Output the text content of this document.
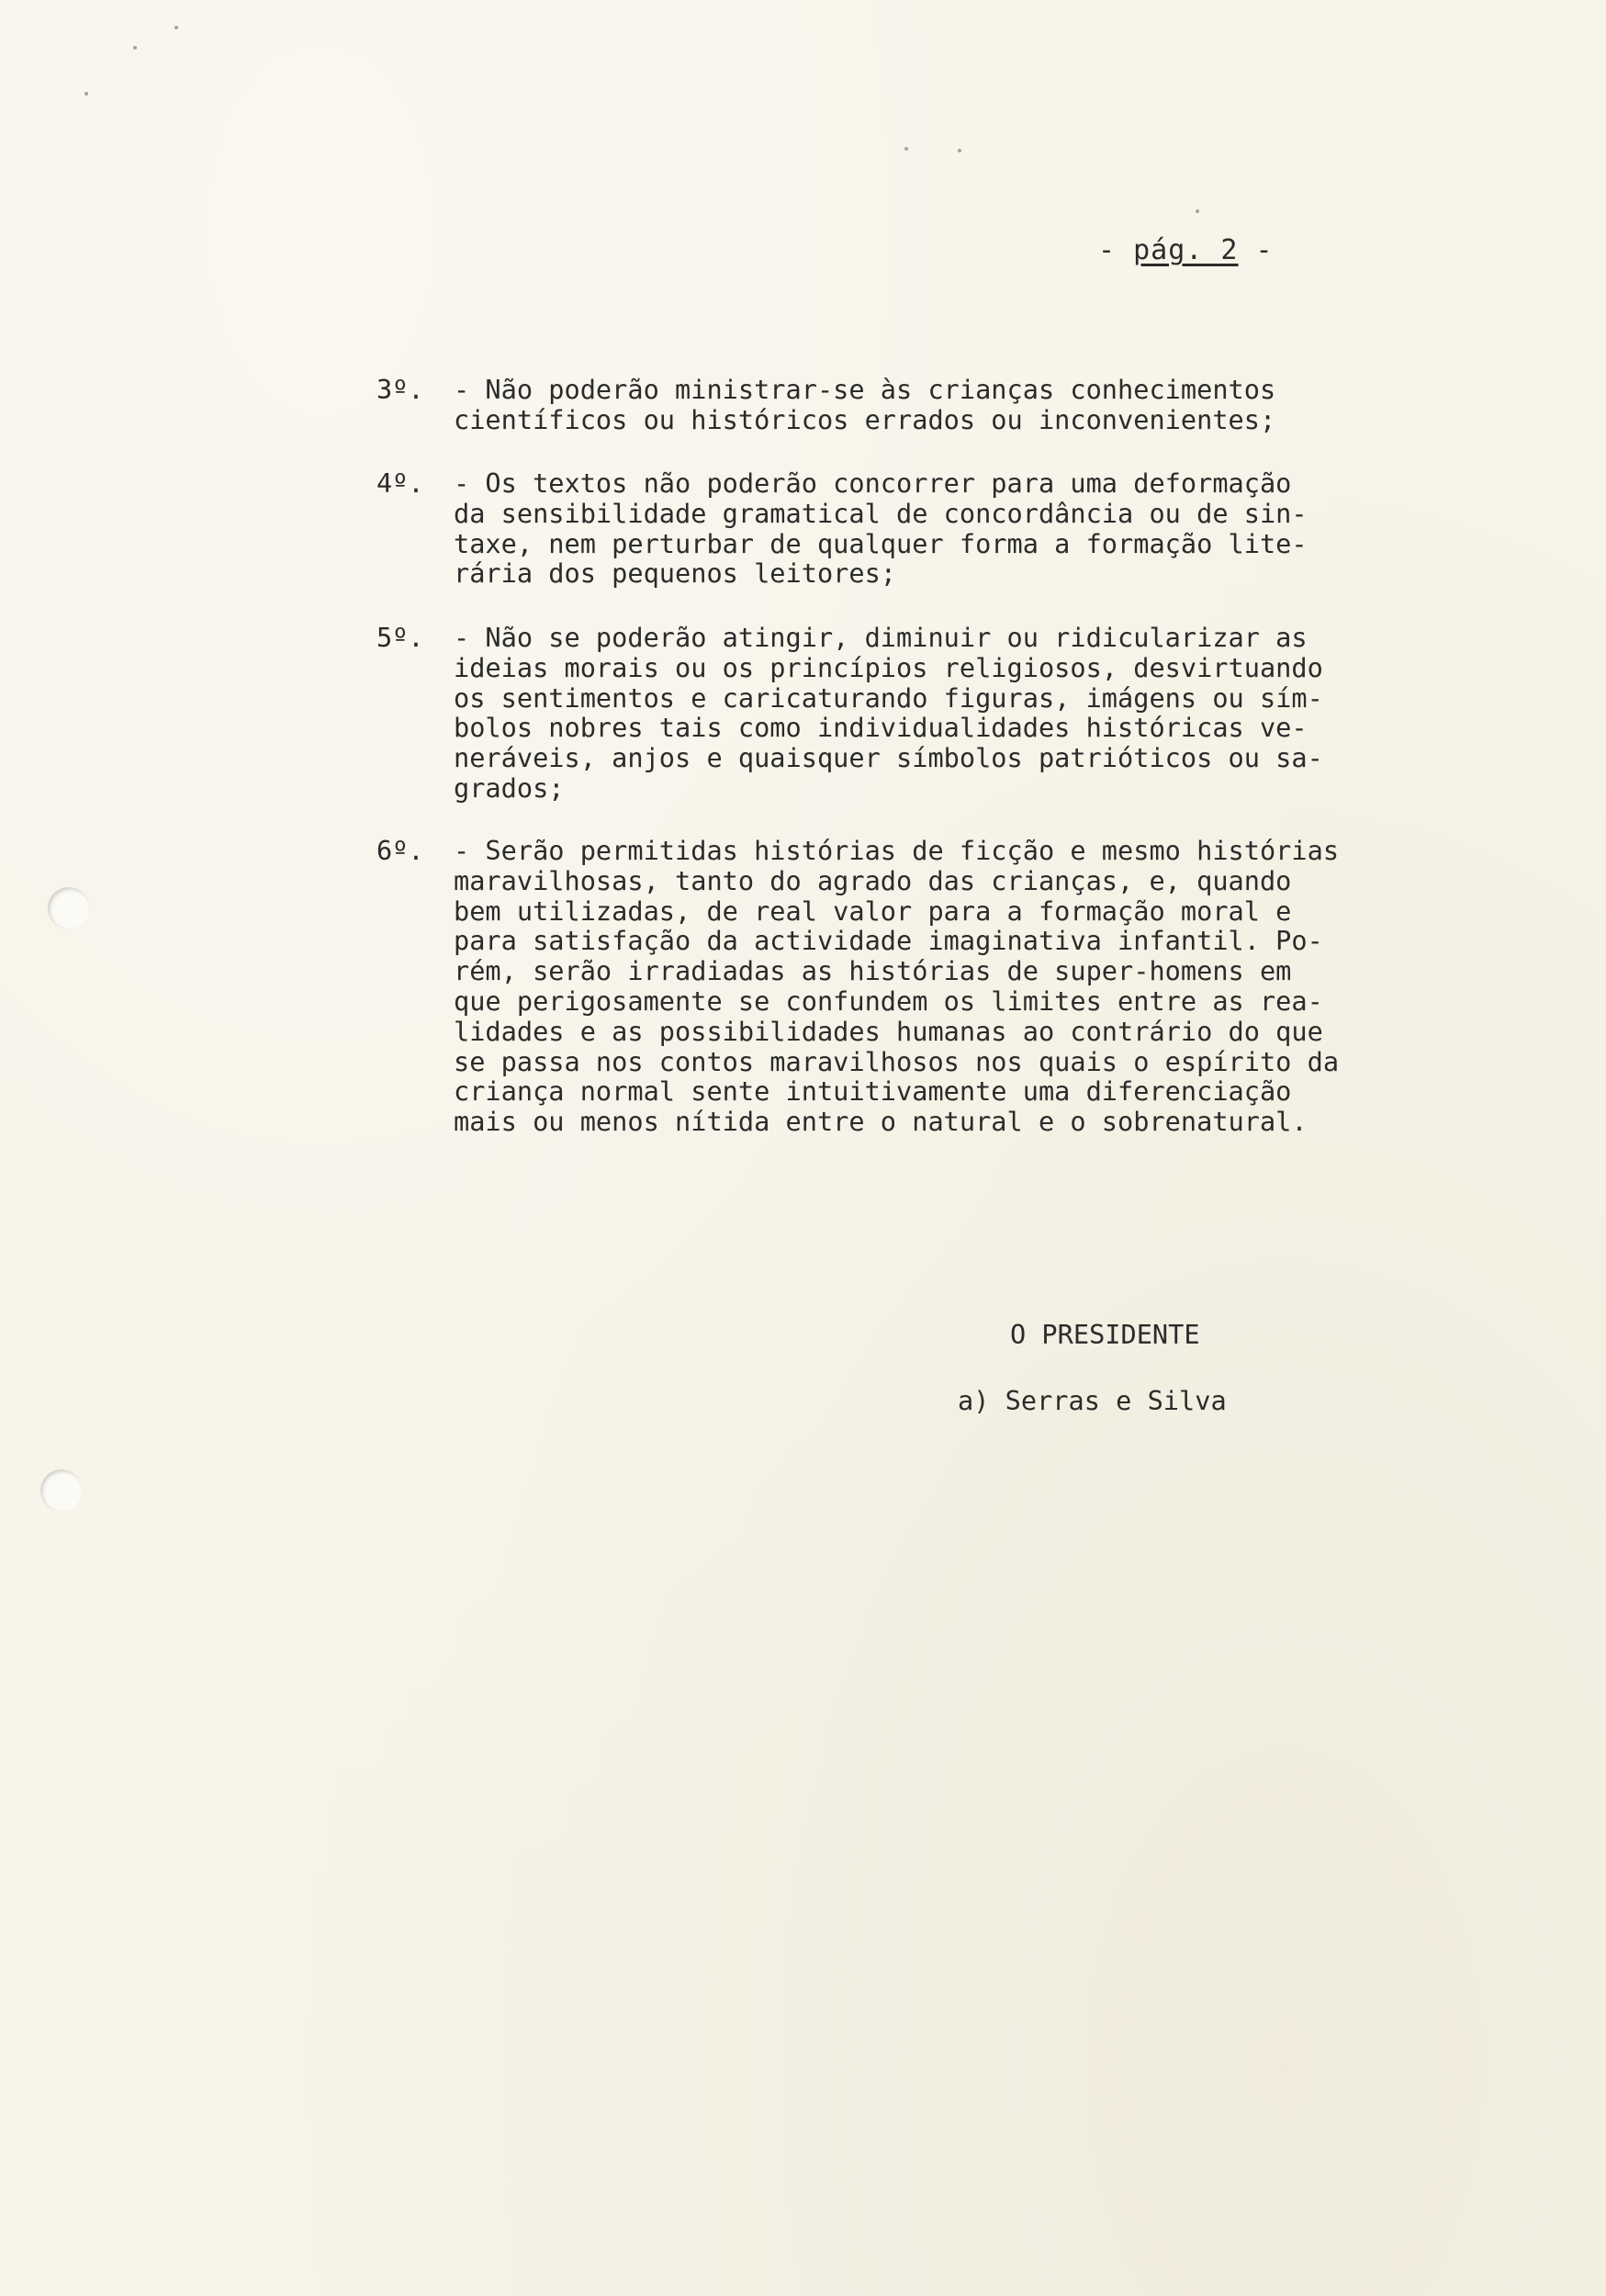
- pág. 2 -
3º.	- Não poderão ministrar-se às crianças conhecimentos
científicos ou históricos errados ou inconvenientes;
4º.	- Os textos não poderão concorrer para uma deformação
da sensibilidade gramatical de concordância ou de sin-
taxe, nem perturbar de qualquer forma a formação lite-
rária dos pequenos leitores;
5º.	- Não se poderão atingir, diminuir ou ridicularizar as
ideias morais ou os princípios religiosos, desvirtuando
os sentimentos e caricaturando figuras, imágens ou sím-
bolos nobres tais como individualidades históricas ve-
neráveis, anjos e quaisquer símbolos patrióticos ou sa-
grados;
6º.	- Serão permitidas histórias de ficção e mesmo histórias
maravilhosas, tanto do agrado das crianças, e, quando
bem utilizadas, de real valor para a formação moral e
para satisfação da actividade imaginativa infantil. Po-
rém, serão irradiadas as histórias de super-homens em
que perigosamente se confundem os limites entre as rea-
lidades e as possibilidades humanas ao contrário do que
se passa nos contos maravilhosos nos quais o espírito da
criança normal sente intuitivamente uma diferenciação
mais ou menos nítida entre o natural e o sobrenatural.
O PRESIDENTE
a) Serras e Silva
